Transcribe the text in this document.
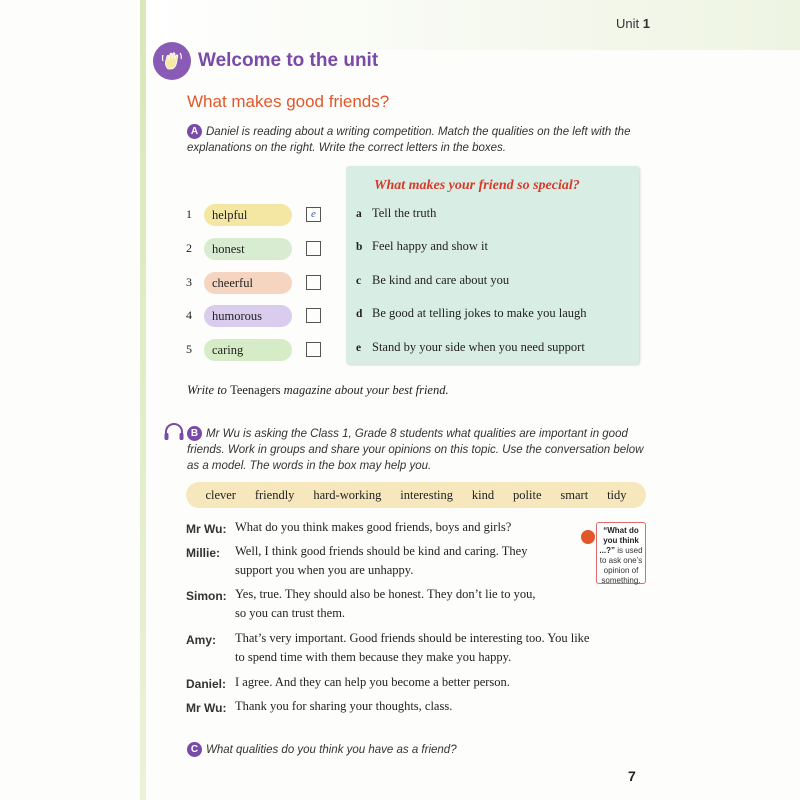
Unit 1
Welcome to the unit
What makes good friends?
A Daniel is reading about a writing competition. Match the qualities on the left with the explanations on the right. Write the correct letters in the boxes.
1	helpful	e
2	honest
3	cheerful
4	humorous
5	caring
What makes your friend so special?
a Tell the truth
b Feel happy and show it
c Be kind and care about you
d Be good at telling jokes to make you laugh
e Stand by your side when you need support
Write to Teenagers magazine about your best friend.
B Mr Wu is asking the Class 1, Grade 8 students what qualities are important in good friends. Work in groups and share your opinions on this topic. Use the conversation below as a model. The words in the box may help you.
clever friendly hard-working interesting kind polite smart tidy
Mr Wu: What do you think makes good friends, boys and girls?
Millie: Well, I think good friends should be kind and caring. They
support you when you are unhappy.
Simon: Yes, true. They should also be honest. They don’t lie to you,
so you can trust them.
Amy: That’s very important. Good friends should be interesting too. You like
to spend time with them because they make you happy.
Daniel: I agree. And they can help you become a better person.
Mr Wu: Thank you for sharing your thoughts, class.
“What do you think ...?” is used to ask one’s opinion of something.
C What qualities do you think you have as a friend?
7
